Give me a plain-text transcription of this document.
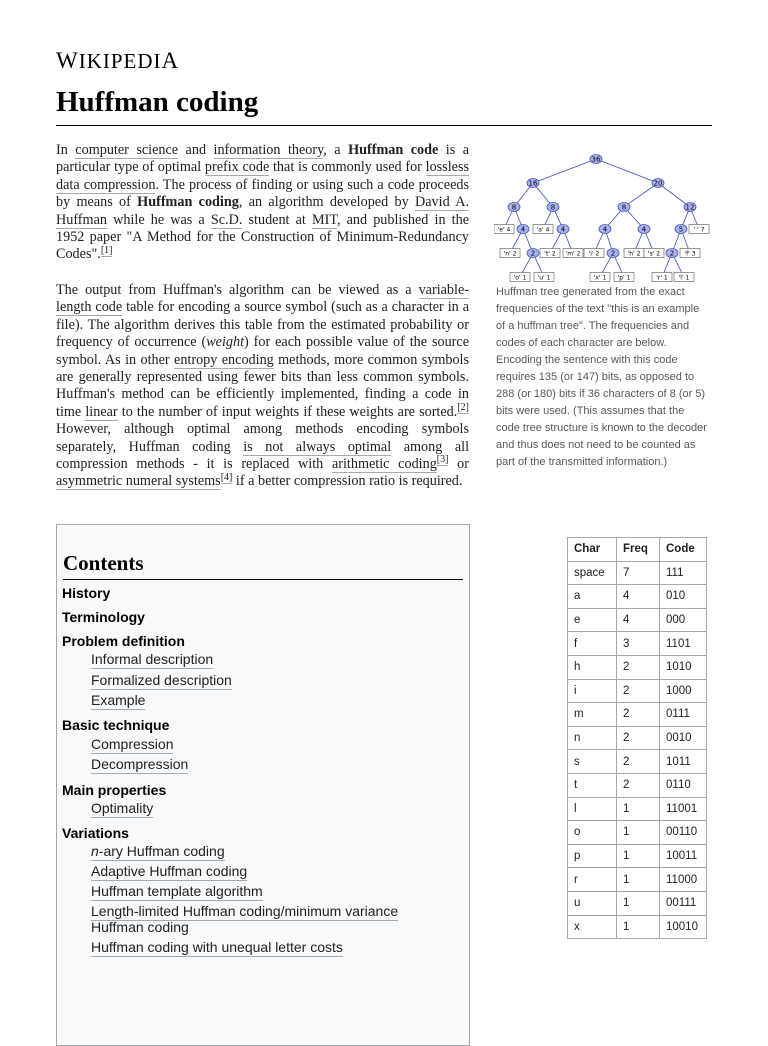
WIKIPEDIA
Huffman coding
In computer science and information theory, a Huffman code is a particular type of optimal prefix code that is commonly used for lossless data compression. The process of finding or using such a code proceeds by means of Huffman coding, an algorithm developed by David A. Huffman while he was a Sc.D. student at MIT, and published in the 1952 paper "A Method for the Construction of Minimum-Redundancy Codes".[1]
The output from Huffman's algorithm can be viewed as a variable-length code table for encoding a source symbol (such as a character in a file). The algorithm derives this table from the estimated probability or frequency of occurrence (weight) for each possible value of the source symbol. As in other entropy encoding methods, more common symbols are generally represented using fewer bits than less common symbols. Huffman's method can be efficiently implemented, finding a code in time linear to the number of input weights if these weights are sorted.[2] However, although optimal among methods encoding symbols separately, Huffman coding is not always optimal among all compression methods - it is replaced with arithmetic coding[3] or asymmetric numeral systems[4] if a better compression ratio is required.
36
16	20
8	8	8	12
4	4	4	4	5
2	2	2
'e' 4	'a' 4	' ' 7
'n' 2	't' 2 'm' 2 'i' 2	'h' 2 's' 2	'f' 3
'o' 1 'u' 1	'x' 1 'p' 1	'r' 1 'l' 1
Huffman tree generated from the exact frequencies of the text "this is an example of a huffman tree". The frequencies and codes of each character are below. Encoding the sentence with this code requires 135 (or 147) bits, as opposed to 288 (or 180) bits if 36 characters of 8 (or 5) bits were used. (This assumes that the code tree structure is known to the decoder and thus does not need to be counted as part of the transmitted information.)
Char	Freq	Code
space	7	111
a	4	010
e	4	000
f	3	1101
h	2	1010
i	2	1000
m	2	0111
n	2	0010
s	2	1011
t	2	0110
l	1	11001
o	1	00110
p	1	10011
r	1	11000
u	1	00111
x	1	10010
Contents
History
Terminology
Problem definition
Informal description
Formalized description
Example
Basic technique
Compression
Decompression
Main properties
Optimality
Variations
n-ary Huffman coding
Adaptive Huffman coding
Huffman template algorithm
Length-limited Huffman coding/minimum variance
Huffman coding
Huffman coding with unequal letter costs
